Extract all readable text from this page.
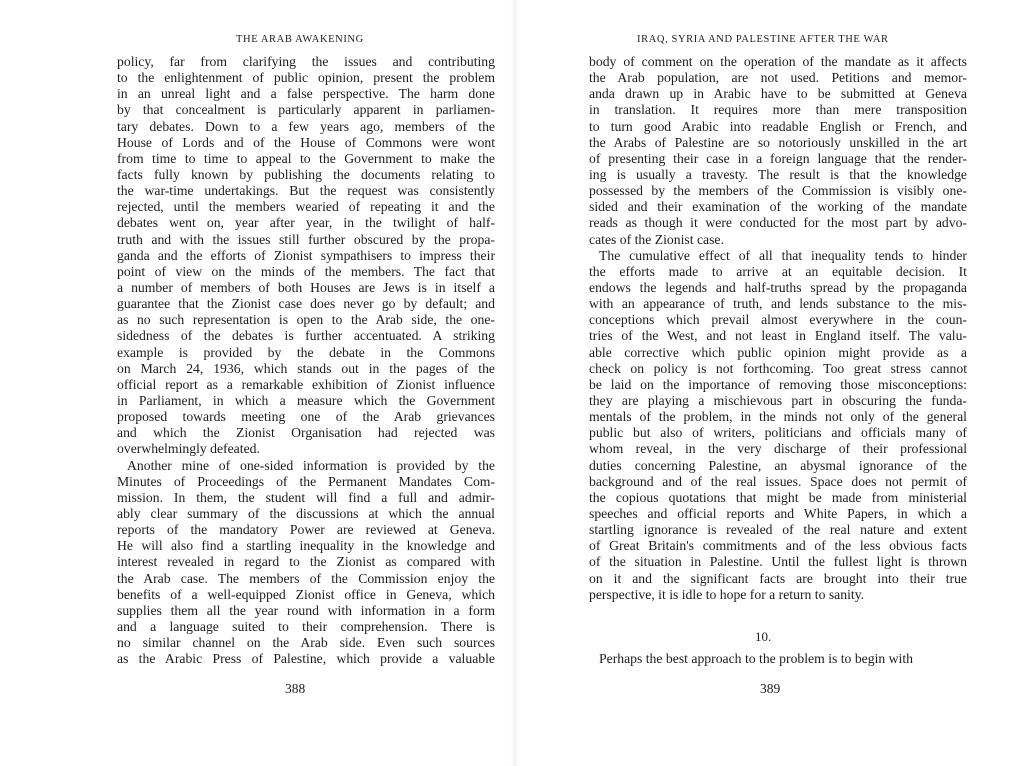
THE ARAB AWAKENING
policy, far from clarifying the issues and contributing
to the enlightenment of public opinion, present the problem
in an unreal light and a false perspective. The harm done
by that concealment is particularly apparent in parliamen-
tary debates. Down to a few years ago, members of the
House of Lords and of the House of Commons were wont
from time to time to appeal to the Government to make the
facts fully known by publishing the documents relating to
the war-time undertakings. But the request was consistently
rejected, until the members wearied of repeating it and the
debates went on, year after year, in the twilight of half-
truth and with the issues still further obscured by the propa-
ganda and the efforts of Zionist sympathisers to impress their
point of view on the minds of the members. The fact that
a number of members of both Houses are Jews is in itself a
guarantee that the Zionist case does never go by default; and
as no such representation is open to the Arab side, the one-
sidedness of the debates is further accentuated. A striking
example is provided by the debate in the Commons
on March 24, 1936, which stands out in the pages of the
official report as a remarkable exhibition of Zionist influence
in Parliament, in which a measure which the Government
proposed towards meeting one of the Arab grievances
and which the Zionist Organisation had rejected was
overwhelmingly defeated.
Another mine of one-sided information is provided by the
Minutes of Proceedings of the Permanent Mandates Com-
mission. In them, the student will find a full and admir-
ably clear summary of the discussions at which the annual
reports of the mandatory Power are reviewed at Geneva.
He will also find a startling inequality in the knowledge and
interest revealed in regard to the Zionist as compared with
the Arab case. The members of the Commission enjoy the
benefits of a well-equipped Zionist office in Geneva, which
supplies them all the year round with information in a form
and a language suited to their comprehension. There is
no similar channel on the Arab side. Even such sources
as the Arabic Press of Palestine, which provide a valuable
388
IRAQ, SYRIA AND PALESTINE AFTER THE WAR
body of comment on the operation of the mandate as it affects
the Arab population, are not used. Petitions and memor-
anda drawn up in Arabic have to be submitted at Geneva
in translation. It requires more than mere transposition
to turn good Arabic into readable English or French, and
the Arabs of Palestine are so notoriously unskilled in the art
of presenting their case in a foreign language that the render-
ing is usually a travesty. The result is that the knowledge
possessed by the members of the Commission is visibly one-
sided and their examination of the working of the mandate
reads as though it were conducted for the most part by advo-
cates of the Zionist case.
The cumulative effect of all that inequality tends to hinder
the efforts made to arrive at an equitable decision. It
endows the legends and half-truths spread by the propaganda
with an appearance of truth, and lends substance to the mis-
conceptions which prevail almost everywhere in the coun-
tries of the West, and not least in England itself. The valu-
able corrective which public opinion might provide as a
check on policy is not forthcoming. Too great stress cannot
be laid on the importance of removing those misconceptions:
they are playing a mischievous part in obscuring the funda-
mentals of the problem, in the minds not only of the general
public but also of writers, politicians and officials many of
whom reveal, in the very discharge of their professional
duties concerning Palestine, an abysmal ignorance of the
background and of the real issues. Space does not permit of
the copious quotations that might be made from ministerial
speeches and official reports and White Papers, in which a
startling ignorance is revealed of the real nature and extent
of Great Britain's commitments and of the less obvious facts
of the situation in Palestine. Until the fullest light is thrown
on it and the significant facts are brought into their true
perspective, it is idle to hope for a return to sanity.
Perhaps the best approach to the problem is to begin with
10.
389
